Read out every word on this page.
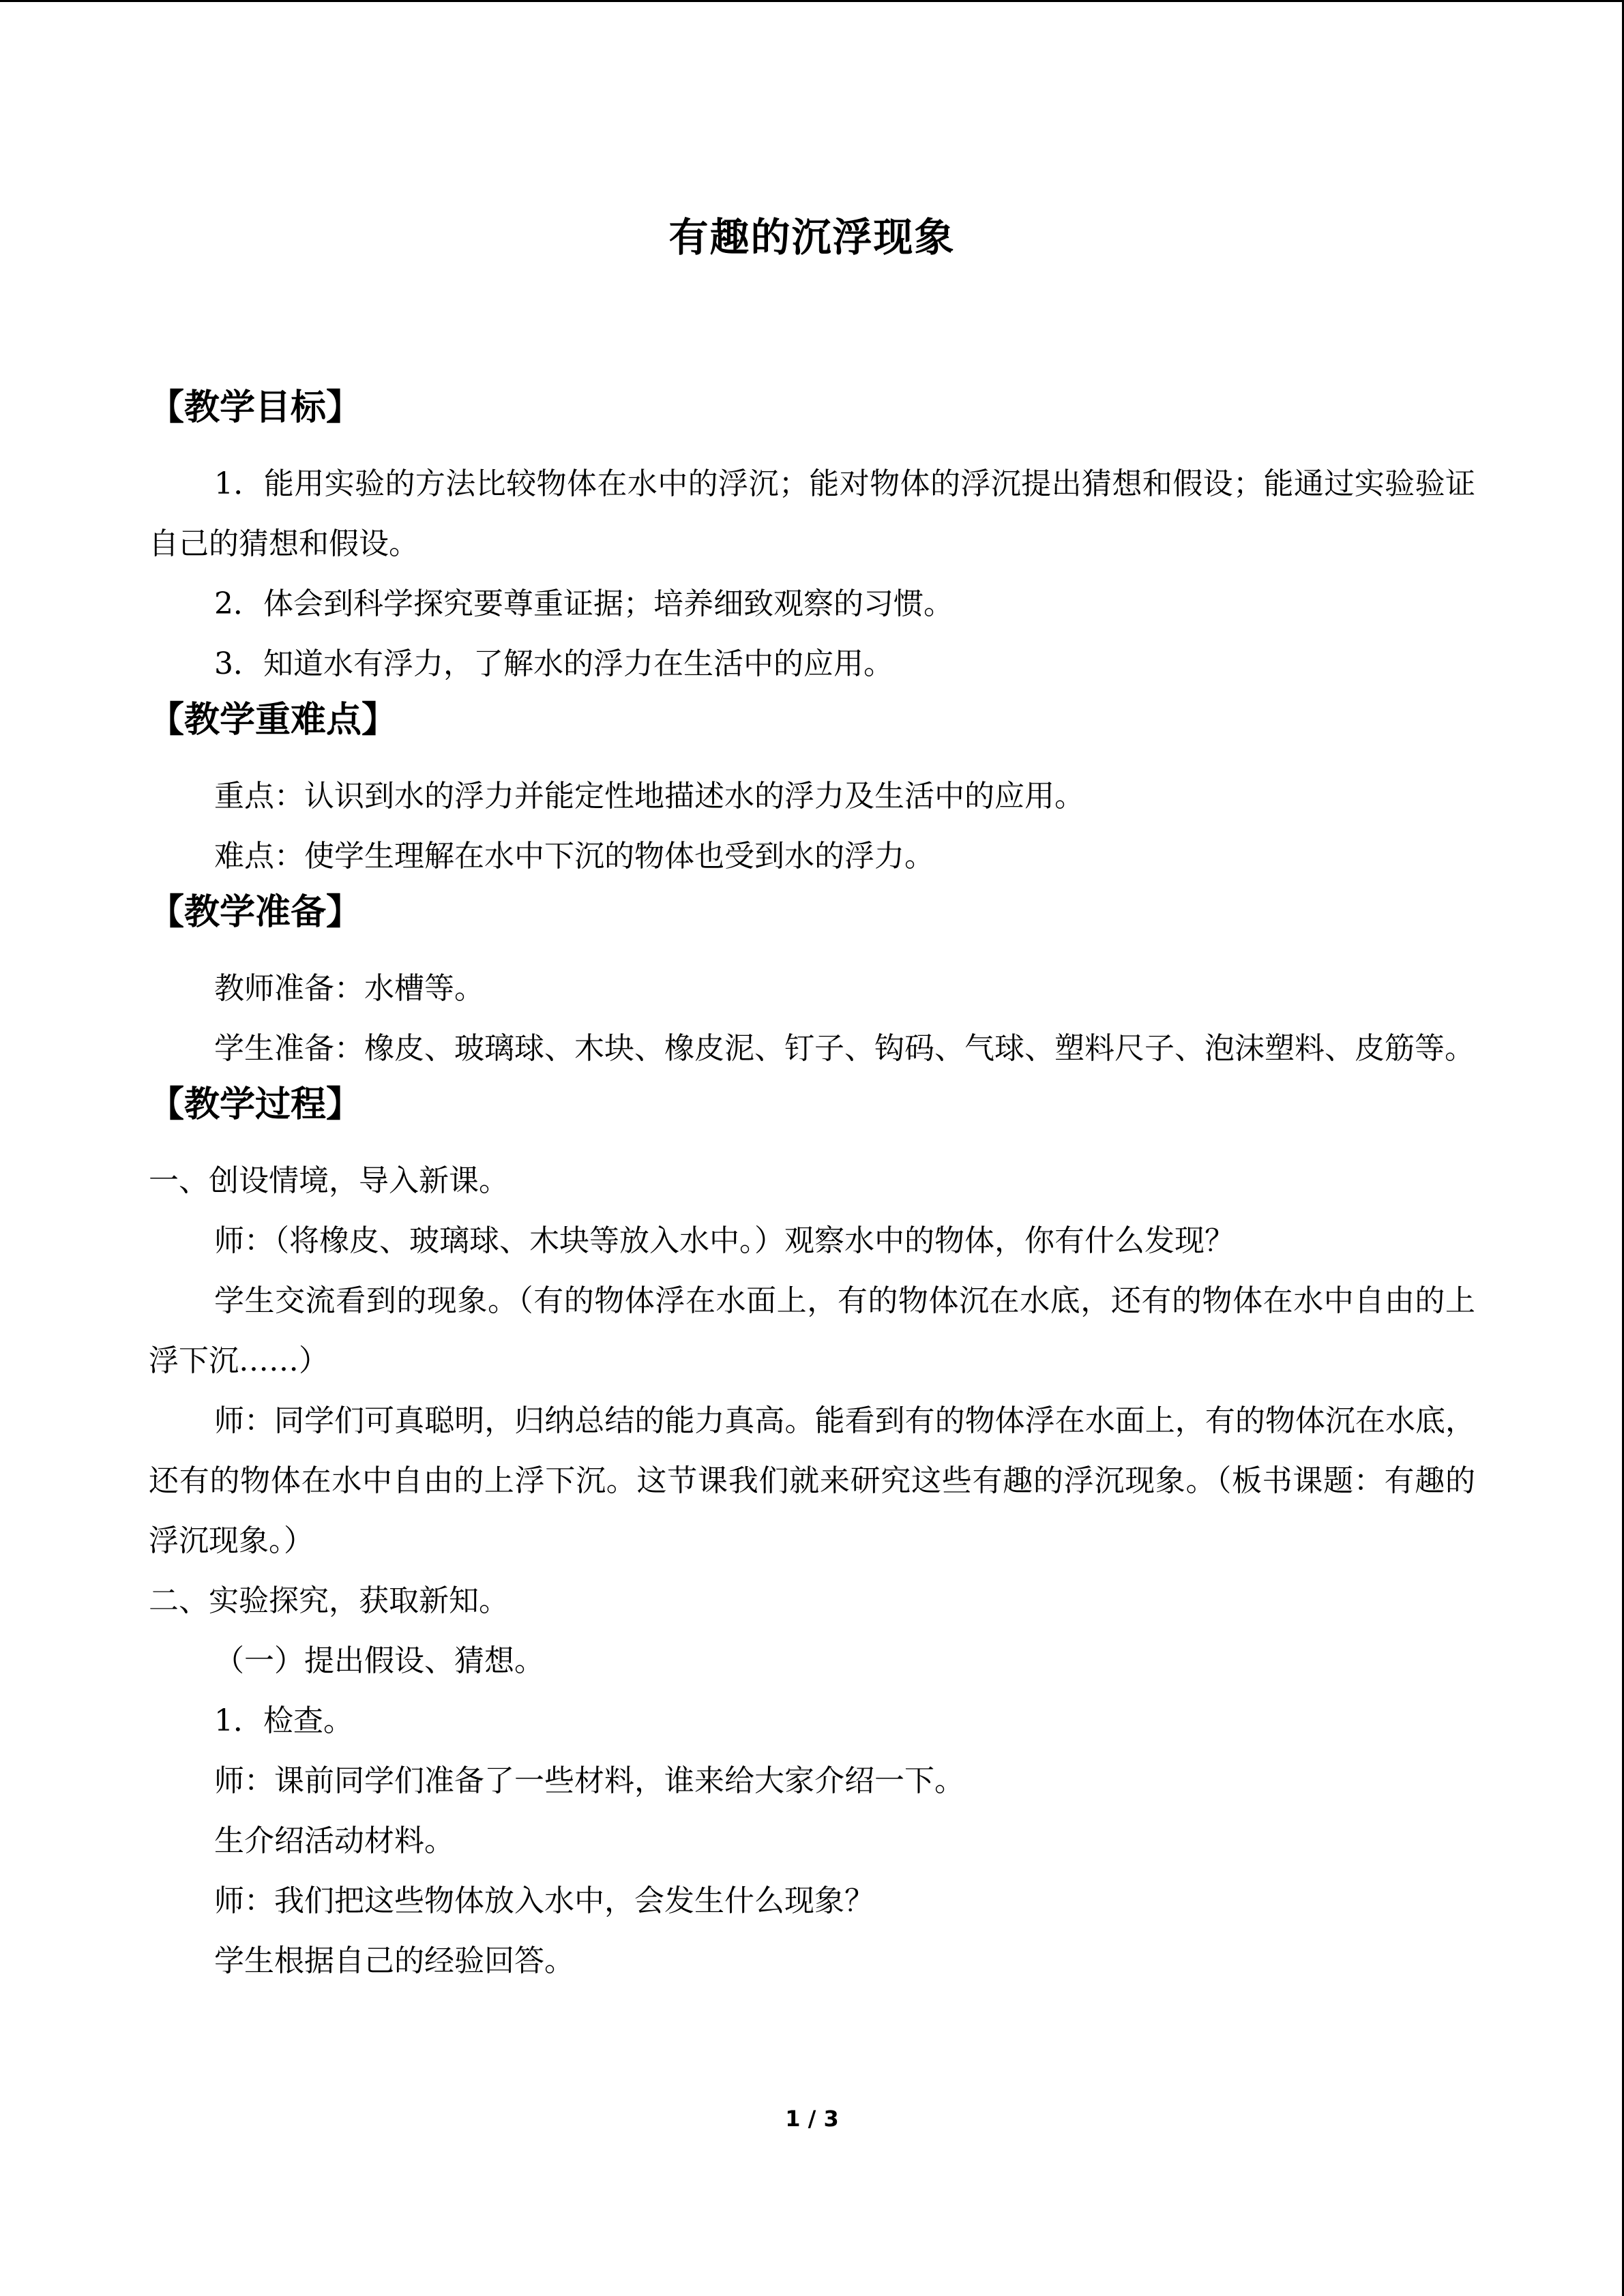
有趣的沉浮现象
【教学目标】

1．能用实验的方法比较物体在水中的浮沉；能对物体的浮沉提出猜想和假设；能通过实验验证自己的猜想和假设。

2．体会到科学探究要尊重证据；培养细致观察的习惯。

3．知道水有浮力，了解水的浮力在生活中的应用。

【教学重难点】

重点：认识到水的浮力并能定性地描述水的浮力及生活中的应用。

难点：使学生理解在水中下沉的物体也受到水的浮力。

【教学准备】

教师准备：水槽等。

学生准备：橡皮、玻璃球、木块、橡皮泥、钉子、钩码、气球、塑料尺子、泡沫塑料、皮筋等。

【教学过程】

一、创设情境，导入新课。

师：（将橡皮、玻璃球、木块等放入水中。）观察水中的物体，你有什么发现？

学生交流看到的现象。（有的物体浮在水面上，有的物体沉在水底，还有的物体在水中自由的上浮下沉……）

师：同学们可真聪明，归纳总结的能力真高。能看到有的物体浮在水面上，有的物体沉在水底，还有的物体在水中自由的上浮下沉。这节课我们就来研究这些有趣的浮沉现象。（板书课题：有趣的浮沉现象。）

二、实验探究，获取新知。

（一）提出假设、猜想。

1．检查。

师：课前同学们准备了一些材料，谁来给大家介绍一下。

生介绍活动材料。

师：我们把这些物体放入水中，会发生什么现象？

学生根据自己的经验回答。

1 / 3
